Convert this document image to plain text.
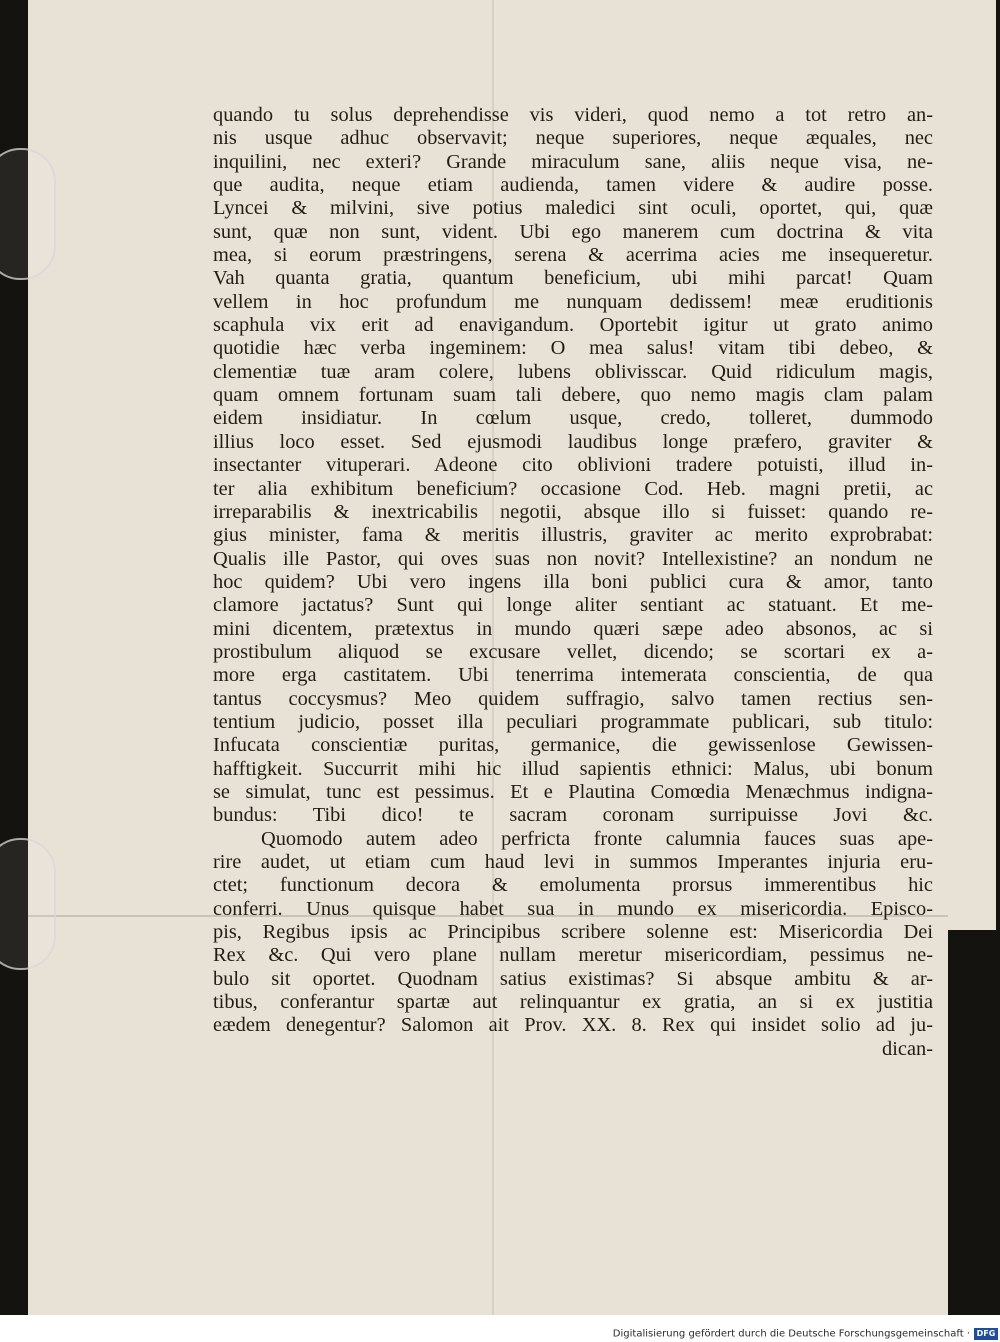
quando tu solus deprehendisse vis videri, quod nemo a tot retro an-
nis usque adhuc observavit; neque superiores, neque æquales, nec
inquilini, nec exteri? Grande miraculum sane, aliis neque visa, ne-
que audita, neque etiam audienda, tamen videre & audire posse.
Lyncei & milvini, sive potius maledici sint oculi, oportet, qui, quæ
sunt, quæ non sunt, vident. Ubi ego manerem cum doctrina & vita
mea, si eorum præstringens, serena & acerrima acies me insequeretur.
Vah quanta gratia, quantum beneficium, ubi mihi parcat! Quam
vellem in hoc profundum me nunquam dedissem! meæ eruditionis
scaphula vix erit ad enavigandum. Oportebit igitur ut grato animo
quotidie hæc verba ingeminem: O mea salus! vitam tibi debeo, &
clementiæ tuæ aram colere, lubens oblivisscar. Quid ridiculum magis,
quam omnem fortunam suam tali debere, quo nemo magis clam palam
eidem insidiatur. In cœlum usque, credo, tolleret, dummodo
illius loco esset. Sed ejusmodi laudibus longe præfero, graviter &
insectanter vituperari. Adeone cito oblivioni tradere potuisti, illud in-
ter alia exhibitum beneficium? occasione Cod. Heb. magni pretii, ac
irreparabilis & inextricabilis negotii, absque illo si fuisset: quando re-
gius minister, fama & meritis illustris, graviter ac merito exprobrabat:
Qualis ille Pastor, qui oves suas non novit? Intellexistine? an nondum ne
hoc quidem? Ubi vero ingens illa boni publici cura & amor, tanto
clamore jactatus? Sunt qui longe aliter sentiant ac statuant. Et me-
mini dicentem, prætextus in mundo quæri sæpe adeo absonos, ac si
prostibulum aliquod se excusare vellet, dicendo; se scortari ex a-
more erga castitatem. Ubi tenerrima intemerata conscientia, de qua
tantus coccysmus? Meo quidem suffragio, salvo tamen rectius sen-
tentium judicio, posset illa peculiari programmate publicari, sub titulo:
Infucata conscientiæ puritas, germanice, die gewissenlose Gewissen-
hafftigkeit. Succurrit mihi hic illud sapientis ethnici: Malus, ubi bonum
se simulat, tunc est pessimus. Et e Plautina Comœdia Menæchmus indigna-
bundus: Tibi dico! te sacram coronam surripuisse Jovi &c.
Quomodo autem adeo perfricta fronte calumnia fauces suas ape-
rire audet, ut etiam cum haud levi in summos Imperantes injuria eru-
ctet; functionum decora & emolumenta prorsus immerentibus hic
conferri. Unus quisque habet sua in mundo ex misericordia. Episco-
pis, Regibus ipsis ac Principibus scribere solenne est: Misericordia Dei
Rex &c. Qui vero plane nullam meretur misericordiam, pessimus ne-
bulo sit oportet. Quodnam satius existimas? Si absque ambitu & ar-
tibus, conferantur spartæ aut relinquantur ex gratia, an si ex justitia
eædem denegentur? Salomon ait Prov. XX. 8. Rex qui insidet solio ad ju-
dican-
Digitalisierung gefördert durch die Deutsche Forschungsgemeinschaft · DFG
